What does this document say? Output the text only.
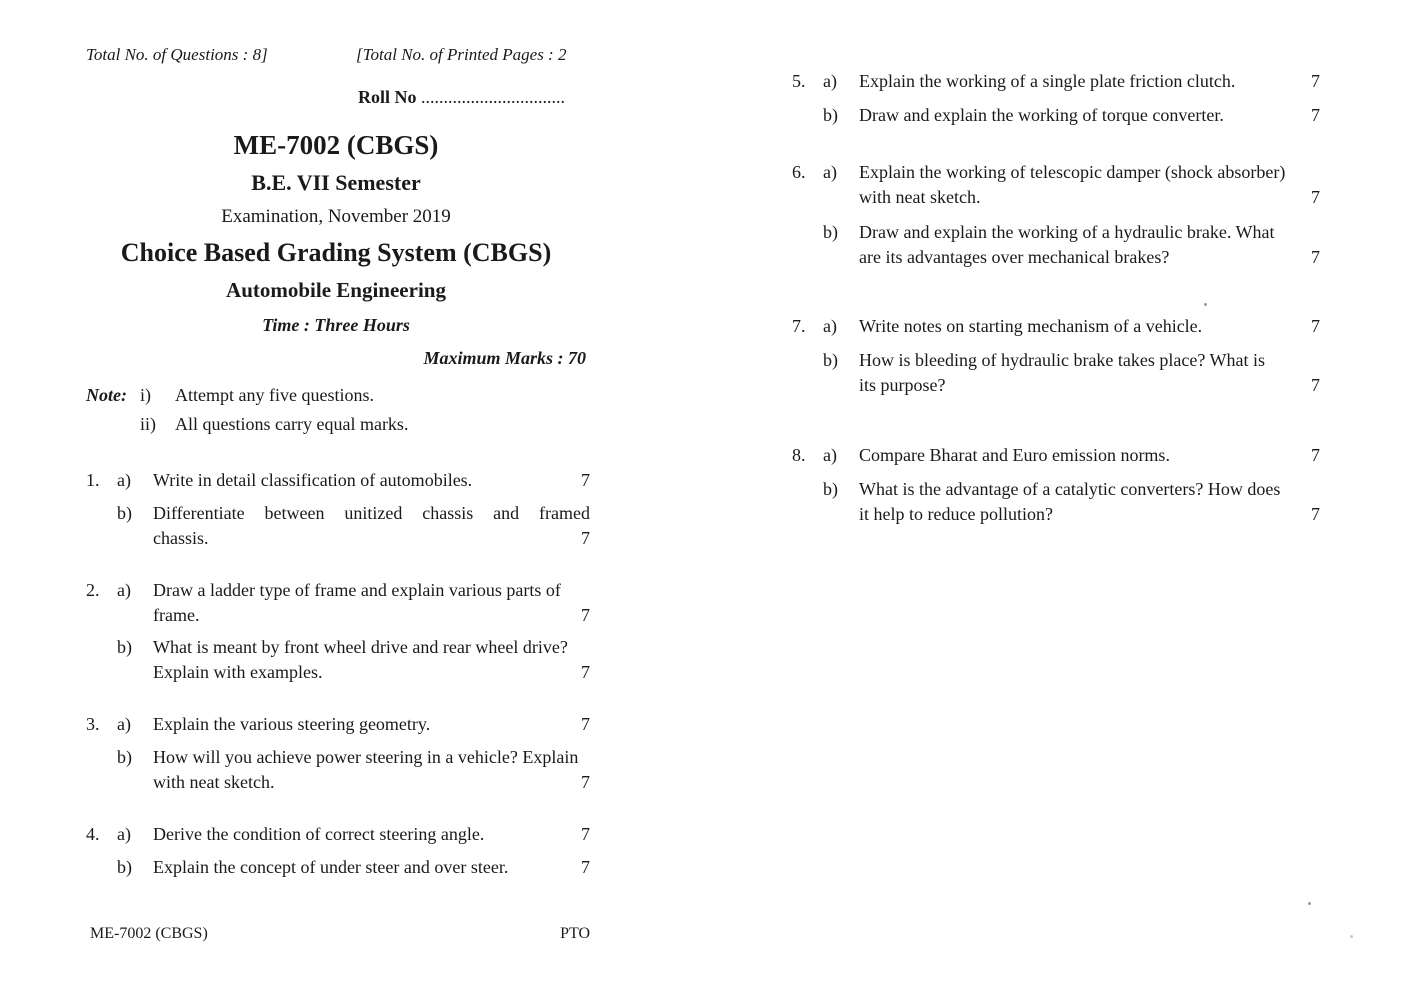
Total No. of Questions : 8]	[Total No. of Printed Pages : 2
Roll No ................................
ME-7002 (CBGS)
B.E. VII Semester
Examination, November 2019
Choice Based Grading System (CBGS)
Automobile Engineering
Time : Three Hours
Maximum Marks : 70
Note: i) Attempt any five questions.
ii) All questions carry equal marks.
1. a)	Write in detail classification of automobiles.	7
b)	Differentiate between unitized chassis and framed
chassis.	7
2. a)	Draw a ladder type of frame and explain various parts of
frame.	7
b)	What is meant by front wheel drive and rear wheel drive?
Explain with examples.	7
3. a)	Explain the various steering geometry.	7
b)	How will you achieve power steering in a vehicle? Explain
with neat sketch.	7
4. a)	Derive the condition of correct steering angle.	7
b)	Explain the concept of under steer and over steer.	7
ME-7002 (CBGS)	PTO
5. a)	Explain the working of a single plate friction clutch.	7
b)	Draw and explain the working of torque converter.	7
6. a)	Explain the working of telescopic damper (shock absorber)
with neat sketch.	7
b)	Draw and explain the working of a hydraulic brake. What
are its advantages over mechanical brakes?	7
7. a)	Write notes on starting mechanism of a vehicle.	7
b)	How is bleeding of hydraulic brake takes place? What is
its purpose?	7
8. a)	Compare Bharat and Euro emission norms.	7
b)	What is the advantage of a catalytic converters? How does
it help to reduce pollution?	7
